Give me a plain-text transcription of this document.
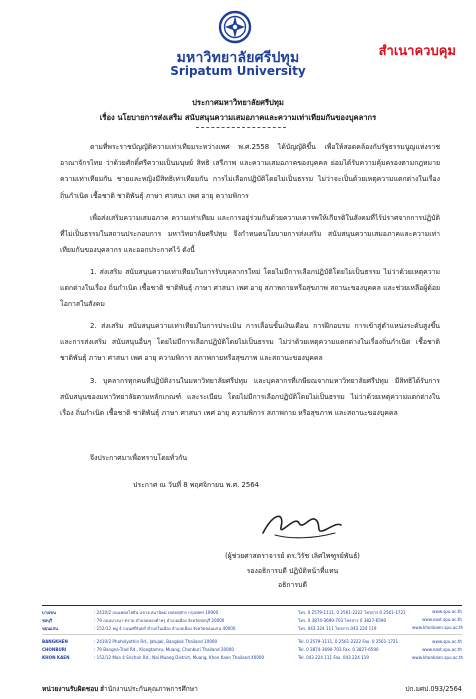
มหาวิทยาลัยศรีปทุม
Sripatum University
สำเนาควบคุม
ประกาศมหาวิทยาลัยศรีปทุม
เรื่อง นโยบายการส่งเสริม สนับสนุนความเสมอภาคและความเท่าเทียมกันของบุคลากร
ตามที่พระราชบัญญัติความเท่าเทียมระหว่างเพศ พ.ศ.2558 ได้บัญญัติขึ้น เพื่อให้สอดคล้องกับรัฐธรรมนูญแห่งราชอาณาจักรไทย ว่าด้วยศักดิ์ศรีความเป็นมนุษย์ สิทธิ เสรีภาพ และความเสมอภาคของบุคคล ย่อมได้รับความคุ้มครองตามกฎหมายความเท่าเทียมกัน ชายและหญิงมีสิทธิเท่าเทียมกัน การไม่เลือกปฏิบัติโดยไม่เป็นธรรม ไม่ว่าจะเป็นด้วยเหตุความแตกต่างในเรื่องถิ่นกำเนิด เชื้อชาติ ชาติพันธุ์ ภาษา ศาสนา เพศ อายุ ความพิการ
เพื่อส่งเสริมความเสมอภาค ความเท่าเทียม และการอยู่ร่วมกันด้วยความเคารพให้เกียรติในสังคมที่ไร้ปราศจากการปฏิบัติที่ไม่เป็นธรรมในสถานประกอบการ มหาวิทยาลัยศรีปทุม จึงกำหนดนโยบายการส่งเสริม สนับสนุนความเสมอภาคและความเท่าเทียมกันของบุคลากร และออกประกาศไว้ ดังนี้
1. ส่งเสริม สนับสนุนความเท่าเทียมในการรับบุคลากรใหม่ โดยไม่มีการเลือกปฏิบัติโดยไม่เป็นธรรม ไม่ว่าด้วยเหตุความแตกต่างในเรื่อง ถิ่นกำเนิด เชื้อชาติ ชาติพันธุ์ ภาษา ศาสนา เพศ อายุ สภาพกายหรือสุขภาพ สถานะของบุคคล และช่วยเหลือผู้ด้อยโอกาสในสังคม
2. ส่งเสริม สนับสนุนความเท่าเทียมในการประเมิน การเลื่อนขั้นเงินเดือน การฝึกอบรม การเข้าสู่ตำแหน่งระดับสูงขึ้น และการส่งเสริม สนับสนุนอื่นๆ โดยไม่มีการเลือกปฏิบัติโดยไม่เป็นธรรม ไม่ว่าด้วยเหตุความแตกต่างในเรื่องถิ่นกำเนิด เชื้อชาติ ชาติพันธุ์ ภาษา ศาสนา เพศ อายุ ความพิการ สภาพกายหรือสุขภาพ และสถานะของบุคคล
3. บุคลากรทุกคนที่ปฏิบัติงานในมหาวิทยาลัยศรีปทุม และบุคลากรที่เกษียณจากมหาวิทยาลัยศรีปทุม มีสิทธิได้รับการสนับสนุนของมหาวิทยาลัยตามหลักเกณฑ์ และระเบียบ โดยไม่มีการเลือกปฏิบัติโดยไม่เป็นธรรม ไม่ว่าด้วยเหตุความแตกต่างในเรื่อง ถิ่นกำเนิด เชื้อชาติ ชาติพันธุ์ ภาษา ศาสนา เพศ อายุ ความพิการ สภาพกาย หรือสุขภาพ และสถานะของบุคคล
จึงประกาศมาเพื่อทราบโดยทั่วกัน
ประกาศ ณ วันที่ 8 พฤศจิกายน พ.ศ. 2564
(ผู้ช่วยศาสตราจารย์ ดร.วิรัช เลิศไพฑูรย์พันธ์)
รองอธิการบดี ปฏิบัติหน้าที่แทน
อธิการบดี
บางเขน	: 2410/2 ถนนพหลโยธิน แขวงเสนานิคม เขตจตุจักร กรุงเทพฯ 10900	โทร. 0 2579-1111, 0 2561-2222 โทรสาร 0 2561-1721	www.spu.ac.th
ชลบุรี	: 79 ถนนบางนา-ตราด ตำบลคลองตำหรุ อำเภอเมือง จังหวัดชลบุรี 20000	โทร. 0 3874-3690-703 โทรสาร 0 3827-6590	www.east.spu.ac.th
ขอนแก่น	: 152/12 หมู่ 4 ถนนศรีจันทร์ ตำบลในเมือง อำเภอเมือง จังหวัดขอนแก่น 40000	โทร. 043 224 111 โทรสาร 043 224 119	www.khonkaen.spu.ac.th
BANGKHEN	: 2410/2 Phaholyothin Rd., Jatujak, Bangkok Thailand 10900	Tel. 0 2579-1111, 0 2561-2222 Fax. 0 2561-1721	www.spu.ac.th
CHONBURI	: 79 Bangna-Trad Rd., Klongtamru, Muang, Chonburi Thailand 20000	Tel. 0 3874-3690-703 Fax. 0 3827-6590	www.east.spu.ac.th
KHON KAEN	: 152/12 Moo 4 Srichan Rd., Nai Muang District, Muang, Khon Kaen Thailand 40000	Tel. 043 224 111 Fax. 043 224 119	www.khonkaen.spu.ac.th
หน่วยงานรับผิดชอบ :
สำนักงานประกันคุณภาพการศึกษา	ปก.มศป.093/2564
